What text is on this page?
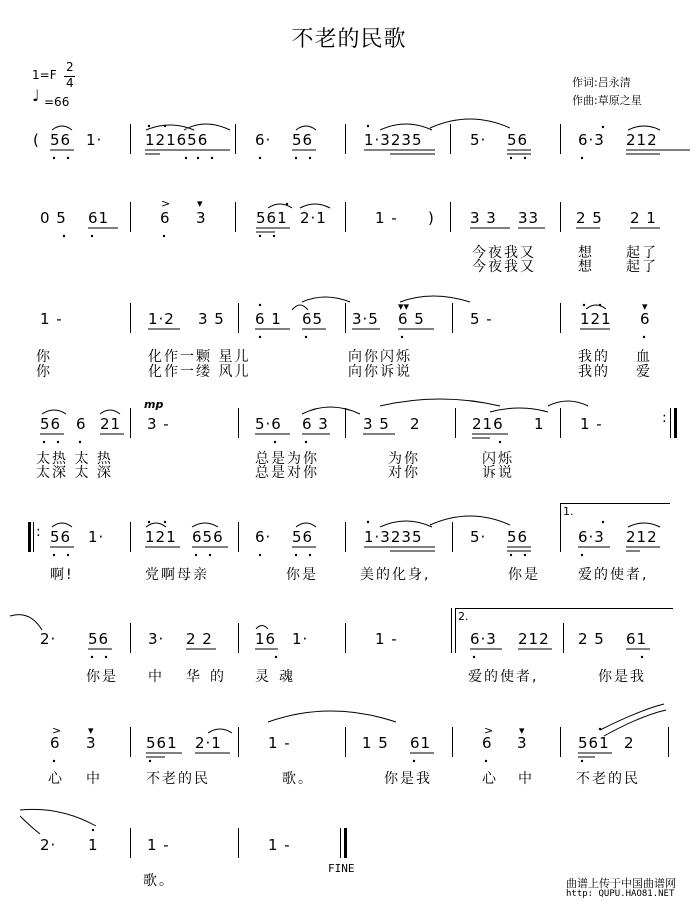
不老的民歌
1=F
2
4
♩ =66
作词:吕永清
作曲:草原之星
( 56 1·	121656	6· 56	1·3235	5· 56	6·3 212
0 5 61
>
6
▾
3	561 2·1	1 - ) 3 3 33 2 5 2 1
今夜我又	想 起了
今夜我又	想 起了
1 -	1·2 3 5 6 1 65 3·5
▾▾
6 5	5 -	121
▾
6
你	化作一颗 星儿	向你闪烁	我的 血
你	化作一缕 风儿	向你诉说	我的 爱
56 6 21
mp
3 -	5·6 6 3 3 5 2	216 1 1 -	:
太热 太 热	总是为你	为你	闪烁
太深 太 深	总是对你	对你	诉说
: 56 1·	121 656 6· 56	1·3235	5· 56
1.
6·3 212
啊!	党啊母亲	你是	美的化身,	你是	爱的使者,
2· 56	3· 2 2	16 1·	1 -
2.
6·3 212 2 5 61
你是 中 华的 灵魂	爱的使者,	你是我
>
6
▾
3	561 2·1	1 -	1 5 61
>
6
▾
3	561 2
心 中	不老的民	歌。	你是我	心 中	不老的民
2· 1	1 -	1 -
FINE
歌。	曲谱上传于中国曲谱网
http: QUPU.HAO81.NET
